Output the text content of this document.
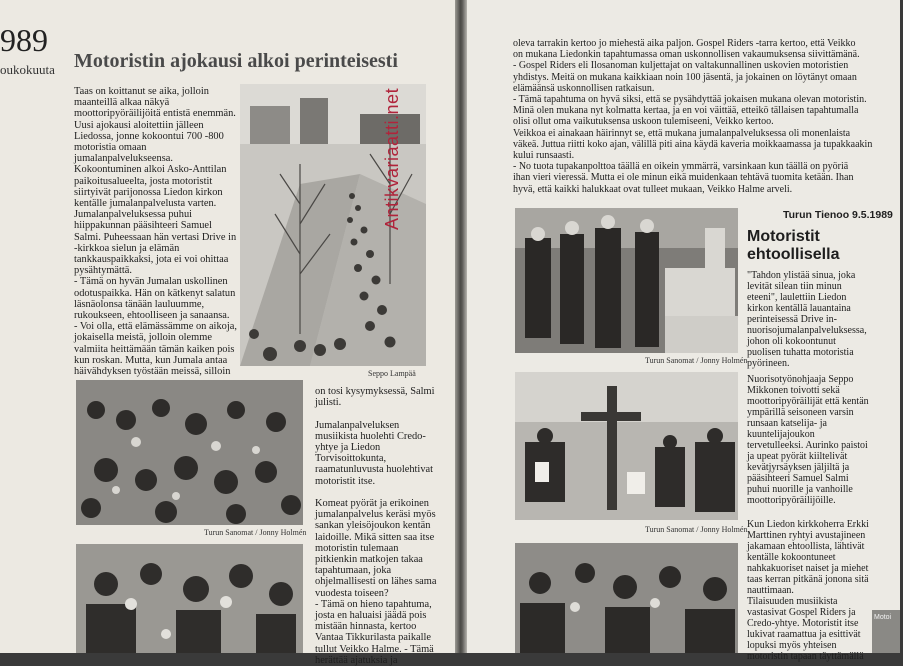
989
oukokuuta Motoristin ajokausi alkoi perinteisesti
Taas on koittanut se aika, jolloin
maanteillä alkaa näkyä
moottoripyöräilijöitä entistä enemmän.
Uusi ajokausi aloitettiin jälleen
Liedossa, jonne kokoontui 700 -800
motoristia omaan
jumalanpalvelukseensa.
Kokoontuminen alkoi Asko-Anttilan
paikoitusalueelta, josta motoristit
siirtyivät parijonossa Liedon kirkon
kentälle jumalanpalvelusta varten.
Jumalanpalveluksessa puhui
hiippakunnan pääsihteeri Samuel
Salmi. Puheessaan hän vertasi Drive in
-kirkkoa sielun ja elämän
tankkauspaikkaksi, jota ei voi ohittaa
pysähtymättä.
- Tämä on hyvän Jumalan uskollinen
odotuspaikka. Hän on kätkenyt salatun
läsnäolonsa tänään lauluumme,
rukoukseen, ehtoolliseen ja sanaansa.
- Voi olla, että elämässämme on aikoja,
jokaisella meistä, jolloin olemme
valmiita heittämään tämän kaiken pois
kun roskan. Mutta, kun Jumala antaa
häivähdyksen työstään meissä, silloin	Seppo Lampää
Turun Sanomat / Jonny Holmén
on tosi kysymyksessä, Salmi
julisti.

Jumalanpalveluksen
musiikista huolehti Credo-
yhtye ja Liedon
Torvisoittokunta,
raamatunluvusta huolehtivat
motoristit itse.

Komeat pyörät ja erikoinen
jumalanpalvelus keräsi myös
sankan yleisöjoukon kentän
laidoille. Mikä sitten saa itse
motoristin tulemaan
pitkienkin matkojen takaa
tapahtumaan, joka
ohjelmallisesti on lähes sama
vuodesta toiseen?
- Tämä on hieno tapahtuma,
josta en haluaisi jäädä pois
mistään hinnasta, kertoo
Vantaa Tikkurilasta paikalle
tullut Veikko Halme. - Tämä
herättää ajatuksia ja
Antikvariaatti.net
oleva tarrakin kertoo jo miehestä aika paljon. Gospel Riders -tarra kertoo, että Veikko
on mukana Liedonkin tapahtumassa oman uskonnollisen vakaumuksensa siivittämänä.
- Gospel Riders eli Ilosanoman kuljettajat on valtakunnallinen uskovien motoristien
yhdistys. Meitä on mukana kaikkiaan noin 100 jäsentä, ja jokainen on löytänyt omaan
elämäänsä uskonnollisen ratkaisun.
- Tämä tapahtuma on hyvä siksi, että se pysähdyttää jokaisen mukana olevan motoristin.
Minä olen mukana nyt kolmatta kertaa, ja en voi väittää, etteikö tällaisen tapahtumalla
olisi ollut oma vaikutuksensa uskoon tulemiseeni, Veikko kertoo.
Veikkoa ei ainakaan häirinnyt se, että mukana jumalanpalveluksessa oli monenlaista
väkeä. Juttua riitti koko ajan, välillä piti aina käydä kaveria moikkaamassa ja tupakkaakin
kului runsaasti.
- No tuota tupakanpolttoa täällä en oikein ymmärrä, varsinkaan kun täällä on pyöriä
ihan vieri vieressä. Mutta ei ole minun eikä muidenkaan tehtävä tuomita ketään. Ihan
hyvä, että kaikki halukkaat ovat tulleet mukaan, Veikko Halme arveli.
Turun Tienoo 9.5.1989
Turun Sanomat / Jonny Holmén
Motoristit
ehtoollisella
"Tahdon ylistää sinua, joka
levität silean tiin minun
eteeni", laulettiin Liedon
kirkon kentällä lauantaina
perinteisessä Drive in-
nuorisojumalanpalveluksessa,
johon oli kokoontunut
puolisen tuhatta motoristia
pyörineen.
Turun Sanomat / Jonny Holmén
Nuorisotyönohjaaja Seppo
Mikkonen toivotti sekä
moottoripyöräilijät että kentän
ympärillä seisoneen varsin
runsaan katselija- ja
kuuntelijajoukon
tervetulleeksi. Aurinko paistoi
ja upeat pyörät kiiltelivät
kevätjyrsäyksen jäljiltä ja
pääsihteeri Samuel Salmi
puhui nuorille ja vanhoille
moottoripyöräilijöille.
Kun Liedon kirkkoherra Erkki
Marttinen ryhtyi avustajineen
jakamaan ehtoollista, lähtivät
kentälle kokoontuneet
nahkakuoriset naiset ja miehet
taas kerran pitkänä jonona sitä
nauttimaan.
Tilaisuuden musiikista
vastasivat Gospel Riders ja
Credo-yhtye. Motoristit itse
lukivat raamattua ja esittivät
lopuksi myös yhteisen
motoristin tapaan täyttämällä
Motoi
